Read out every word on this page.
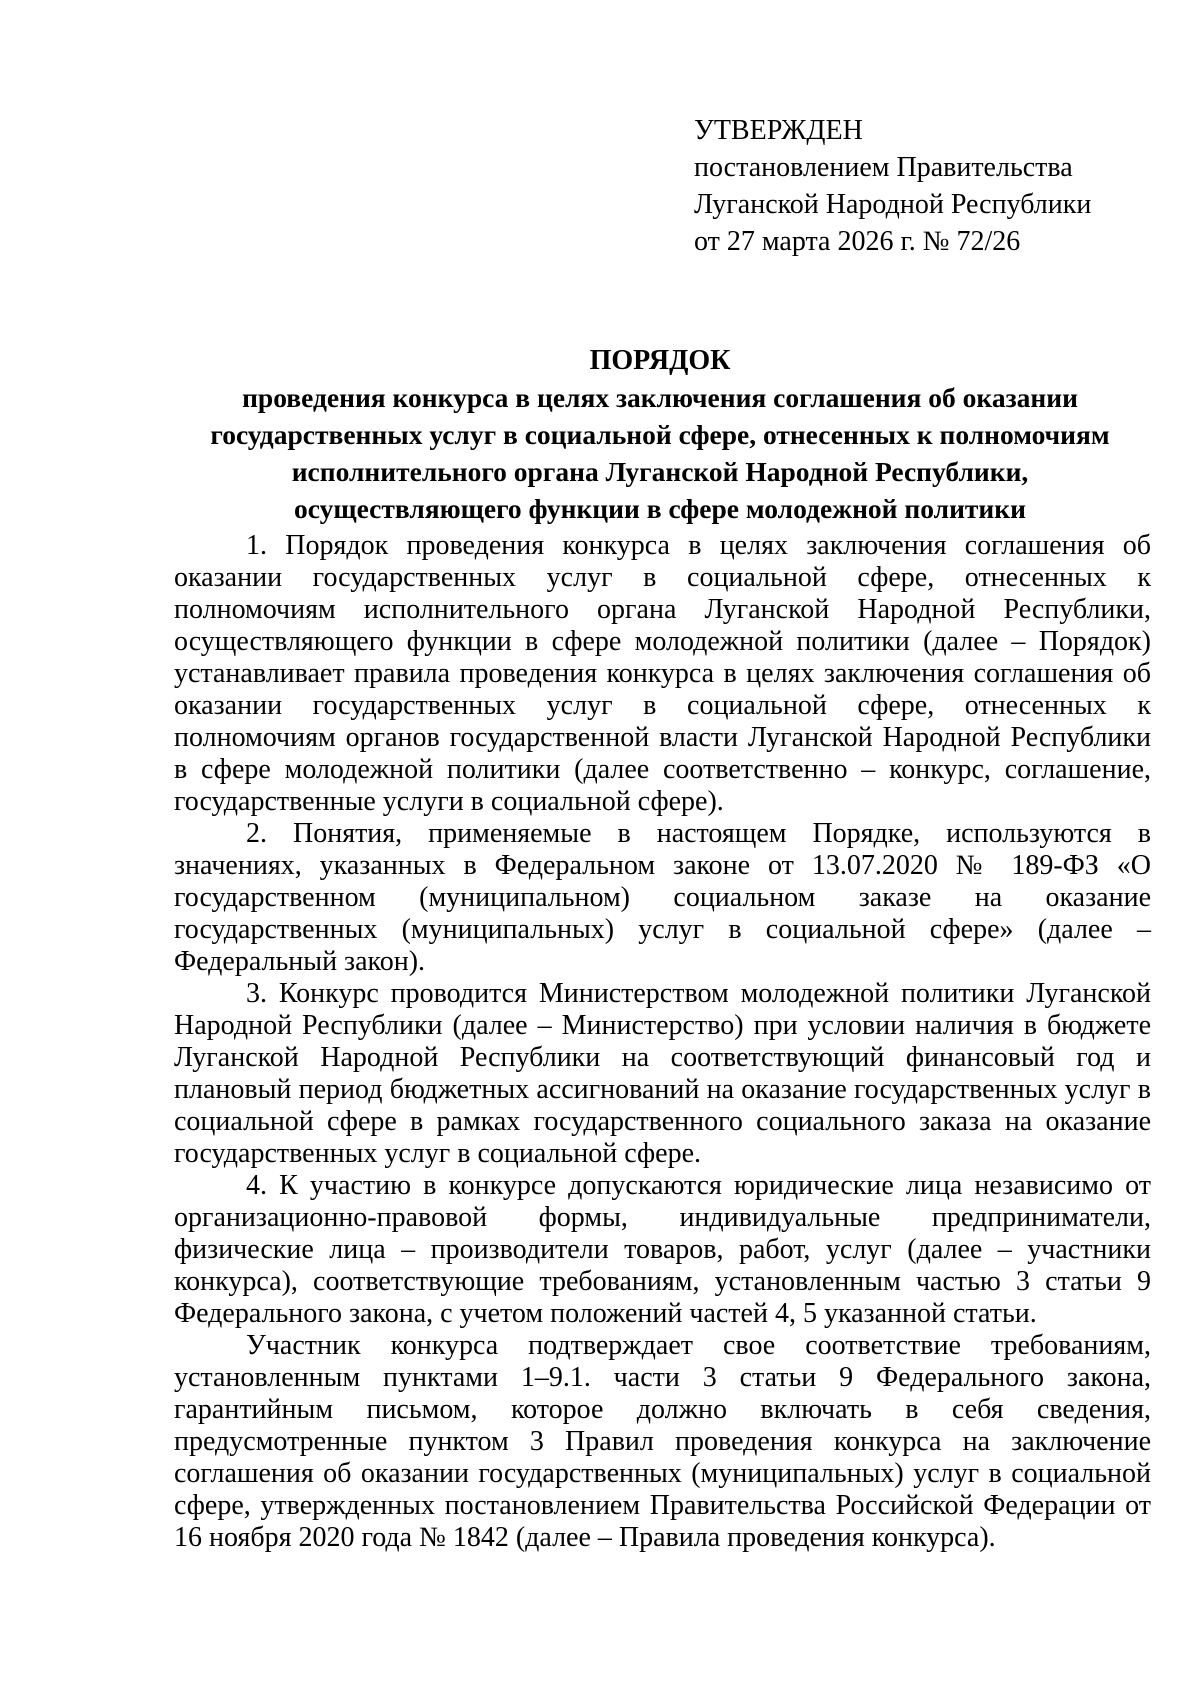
УТВЕРЖДЕН
постановлением Правительства
Луганской Народной Республики
от 27 марта 2026 г. № 72/26
ПОРЯДОК
проведения конкурса в целях заключения соглашения об оказании
государственных услуг в социальной сфере, отнесенных к полномочиям
исполнительного органа Луганской Народной Республики,
осуществляющего функции в сфере молодежной политики

1. Порядок проведения конкурса в целях заключения соглашения об оказании государственных услуг в социальной сфере, отнесенных к полномочиям исполнительного органа Луганской Народной Республики, осуществляющего функции в сфере молодежной политики (далее – Порядок) устанавливает правила проведения конкурса в целях заключения соглашения об оказании государственных услуг в социальной сфере, отнесенных к полномочиям органов государственной власти Луганской Народной Республики в сфере молодежной политики (далее соответственно – конкурс, соглашение, государственные услуги в социальной сфере).

2. Понятия, применяемые в настоящем Порядке, используются в значениях, указанных в Федеральном законе от 13.07.2020 № 189-ФЗ «О государственном (муниципальном) социальном заказе на оказание государственных (муниципальных) услуг в социальной сфере» (далее – Федеральный закон).

3. Конкурс проводится Министерством молодежной политики Луганской Народной Республики (далее – Министерство) при условии наличия в бюджете Луганской Народной Республики на соответствующий финансовый год и плановый период бюджетных ассигнований на оказание государственных услуг в социальной сфере в рамках государственного социального заказа на оказание государственных услуг в социальной сфере.

4. К участию в конкурсе допускаются юридические лица независимо от организационно-правовой формы, индивидуальные предприниматели, физические лица – производители товаров, работ, услуг (далее – участники конкурса), соответствующие требованиям, установленным частью 3 статьи 9 Федерального закона, с учетом положений частей 4, 5 указанной статьи.

Участник конкурса подтверждает свое соответствие требованиям, установленным пунктами 1–9.1. части 3 статьи 9 Федерального закона, гарантийным письмом, которое должно включать в себя сведения, предусмотренные пунктом 3 Правил проведения конкурса на заключение соглашения об оказании государственных (муниципальных) услуг в социальной сфере, утвержденных постановлением Правительства Российской Федерации от 16 ноября 2020 года № 1842 (далее – Правила проведения конкурса).
